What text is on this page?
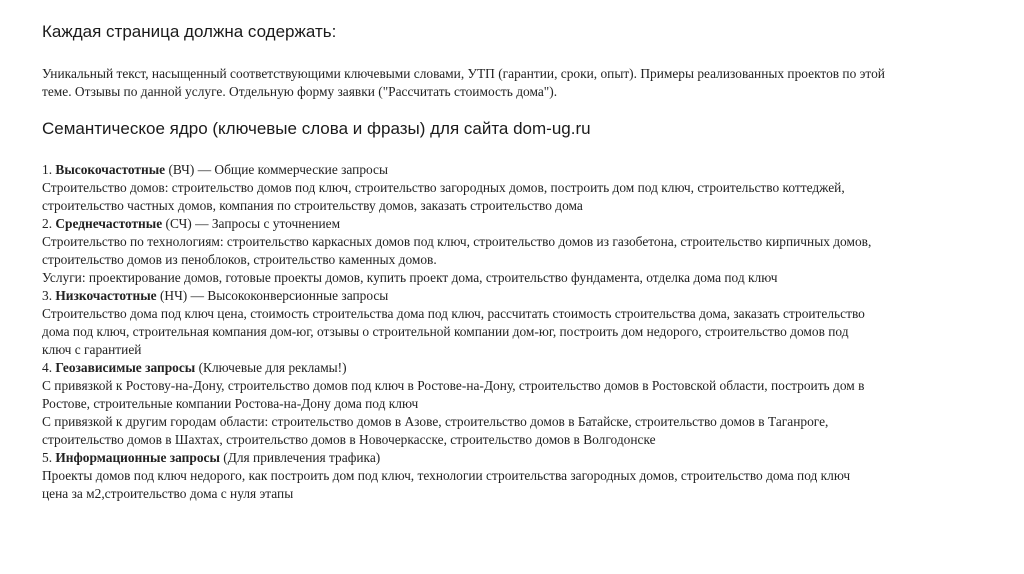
Каждая страница должна содержать:

Уникальный текст, насыщенный соответствующими ключевыми словами, УТП (гарантии, сроки, опыт). Примеры реализованных проектов по этой
теме. Отзывы по данной услуге. Отдельную форму заявки ("Рассчитать стоимость дома").

Семантическое ядро (ключевые слова и фразы) для сайта dom-ug.ru
1. Высокочастотные (ВЧ) — Общие коммерческие запросы
Строительство домов: строительство домов под ключ, строительство загородных домов, построить дом под ключ, строительство коттеджей,
строительство частных домов, компания по строительству домов, заказать строительство дома
2. Среднечастотные (СЧ) — Запросы с уточнением
Строительство по технологиям: строительство каркасных домов под ключ, строительство домов из газобетона, строительство кирпичных домов,
строительство домов из пеноблоков, строительство каменных домов.
Услуги: проектирование домов, готовые проекты домов, купить проект дома, строительство фундамента, отделка дома под ключ
3. Низкочастотные (НЧ) — Высококонверсионные запросы
Строительство дома под ключ цена, стоимость строительства дома под ключ, рассчитать стоимость строительства дома, заказать строительство
дома под ключ, строительная компания дом-юг, отзывы о строительной компании дом-юг, построить дом недорого, строительство домов под
ключ с гарантией
4. Геозависимые запросы (Ключевые для рекламы!)
С привязкой к Ростову-на-Дону, строительство домов под ключ в Ростове-на-Дону, строительство домов в Ростовской области, построить дом в
Ростове, строительные компании Ростова-на-Дону дома под ключ
С привязкой к другим городам области: строительство домов в Азове, строительство домов в Батайске, строительство домов в Таганроге,
строительство домов в Шахтах, строительство домов в Новочеркасске, строительство домов в Волгодонске
5. Информационные запросы (Для привлечения трафика)
Проекты домов под ключ недорого, как построить дом под ключ, технологии строительства загородных домов, строительство дома под ключ
цена за м2,строительство дома с нуля этапы
